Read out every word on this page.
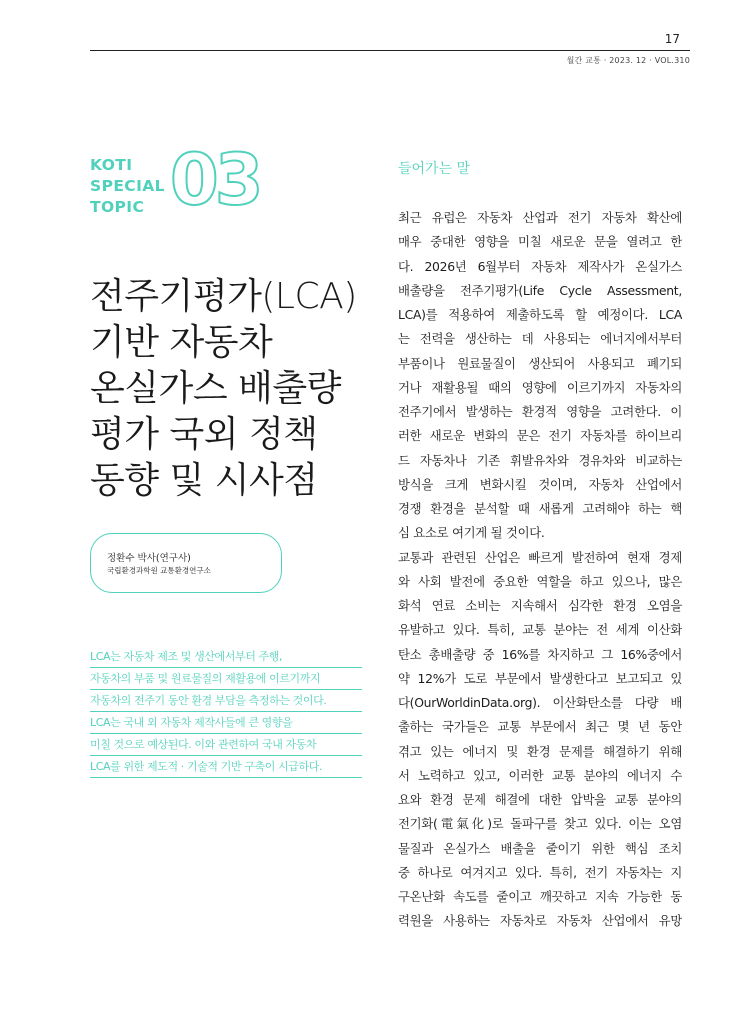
17
월간 교통 · 2023. 12 · VOL.310
KOTI
SPECIAL
TOPIC 03
전주기평가(LCA)
기반 자동차
온실가스 배출량
평가 국외 정책
동향 및 시사점
정환수 박사(연구사)
국립환경과학원 교통환경연구소
LCA는 자동차 제조 및 생산에서부터 주행,
자동차의 부품 및 원료물질의 재활용에 이르기까지
자동차의 전주기 동안 환경 부담을 측정하는 것이다.
LCA는 국내 외 자동차 제작사들에 큰 영향을
미칠 것으로 예상된다. 이와 관련하여 국내 자동차
LCA를 위한 제도적 · 기술적 기반 구축이 시급하다.
들어가는 말
최근 유럽은 자동차 산업과 전기 자동차 확산에
매우 중대한 영향을 미칠 새로운 문을 열려고 한
다. 2026년 6월부터 자동차 제작사가 온실가스
배출량을 전주기평가(Life Cycle Assessment,
LCA)를 적용하여 제출하도록 할 예정이다. LCA
는 전력을 생산하는 데 사용되는 에너지에서부터
부품이나 원료물질이 생산되어 사용되고 폐기되
거나 재활용될 때의 영향에 이르기까지 자동차의
전주기에서 발생하는 환경적 영향을 고려한다. 이
러한 새로운 변화의 문은 전기 자동차를 하이브리
드 자동차나 기존 휘발유차와 경유차와 비교하는
방식을 크게 변화시킬 것이며, 자동차 산업에서
경쟁 환경을 분석할 때 새롭게 고려해야 하는 핵
심 요소로 여기게 될 것이다.
교통과 관련된 산업은 빠르게 발전하여 현재 경제
와 사회 발전에 중요한 역할을 하고 있으나, 많은
화석 연료 소비는 지속해서 심각한 환경 오염을
유발하고 있다. 특히, 교통 분야는 전 세계 이산화
탄소 총배출량 중 16%를 차지하고 그 16%중에서
약 12%가 도로 부문에서 발생한다고 보고되고 있
다(OurWorldinData.org). 이산화탄소를 다량 배
출하는 국가들은 교통 부문에서 최근 몇 년 동안
겪고 있는 에너지 및 환경 문제를 해결하기 위해
서 노력하고 있고, 이러한 교통 분야의 에너지 수
요와 환경 문제 해결에 대한 압박을 교통 분야의
전기화(電氣化)로 돌파구를 찾고 있다. 이는 오염
물질과 온실가스 배출을 줄이기 위한 핵심 조치
중 하나로 여겨지고 있다. 특히, 전기 자동차는 지
구온난화 속도를 줄이고 깨끗하고 지속 가능한 동
력원을 사용하는 자동차로 자동차 산업에서 유망
